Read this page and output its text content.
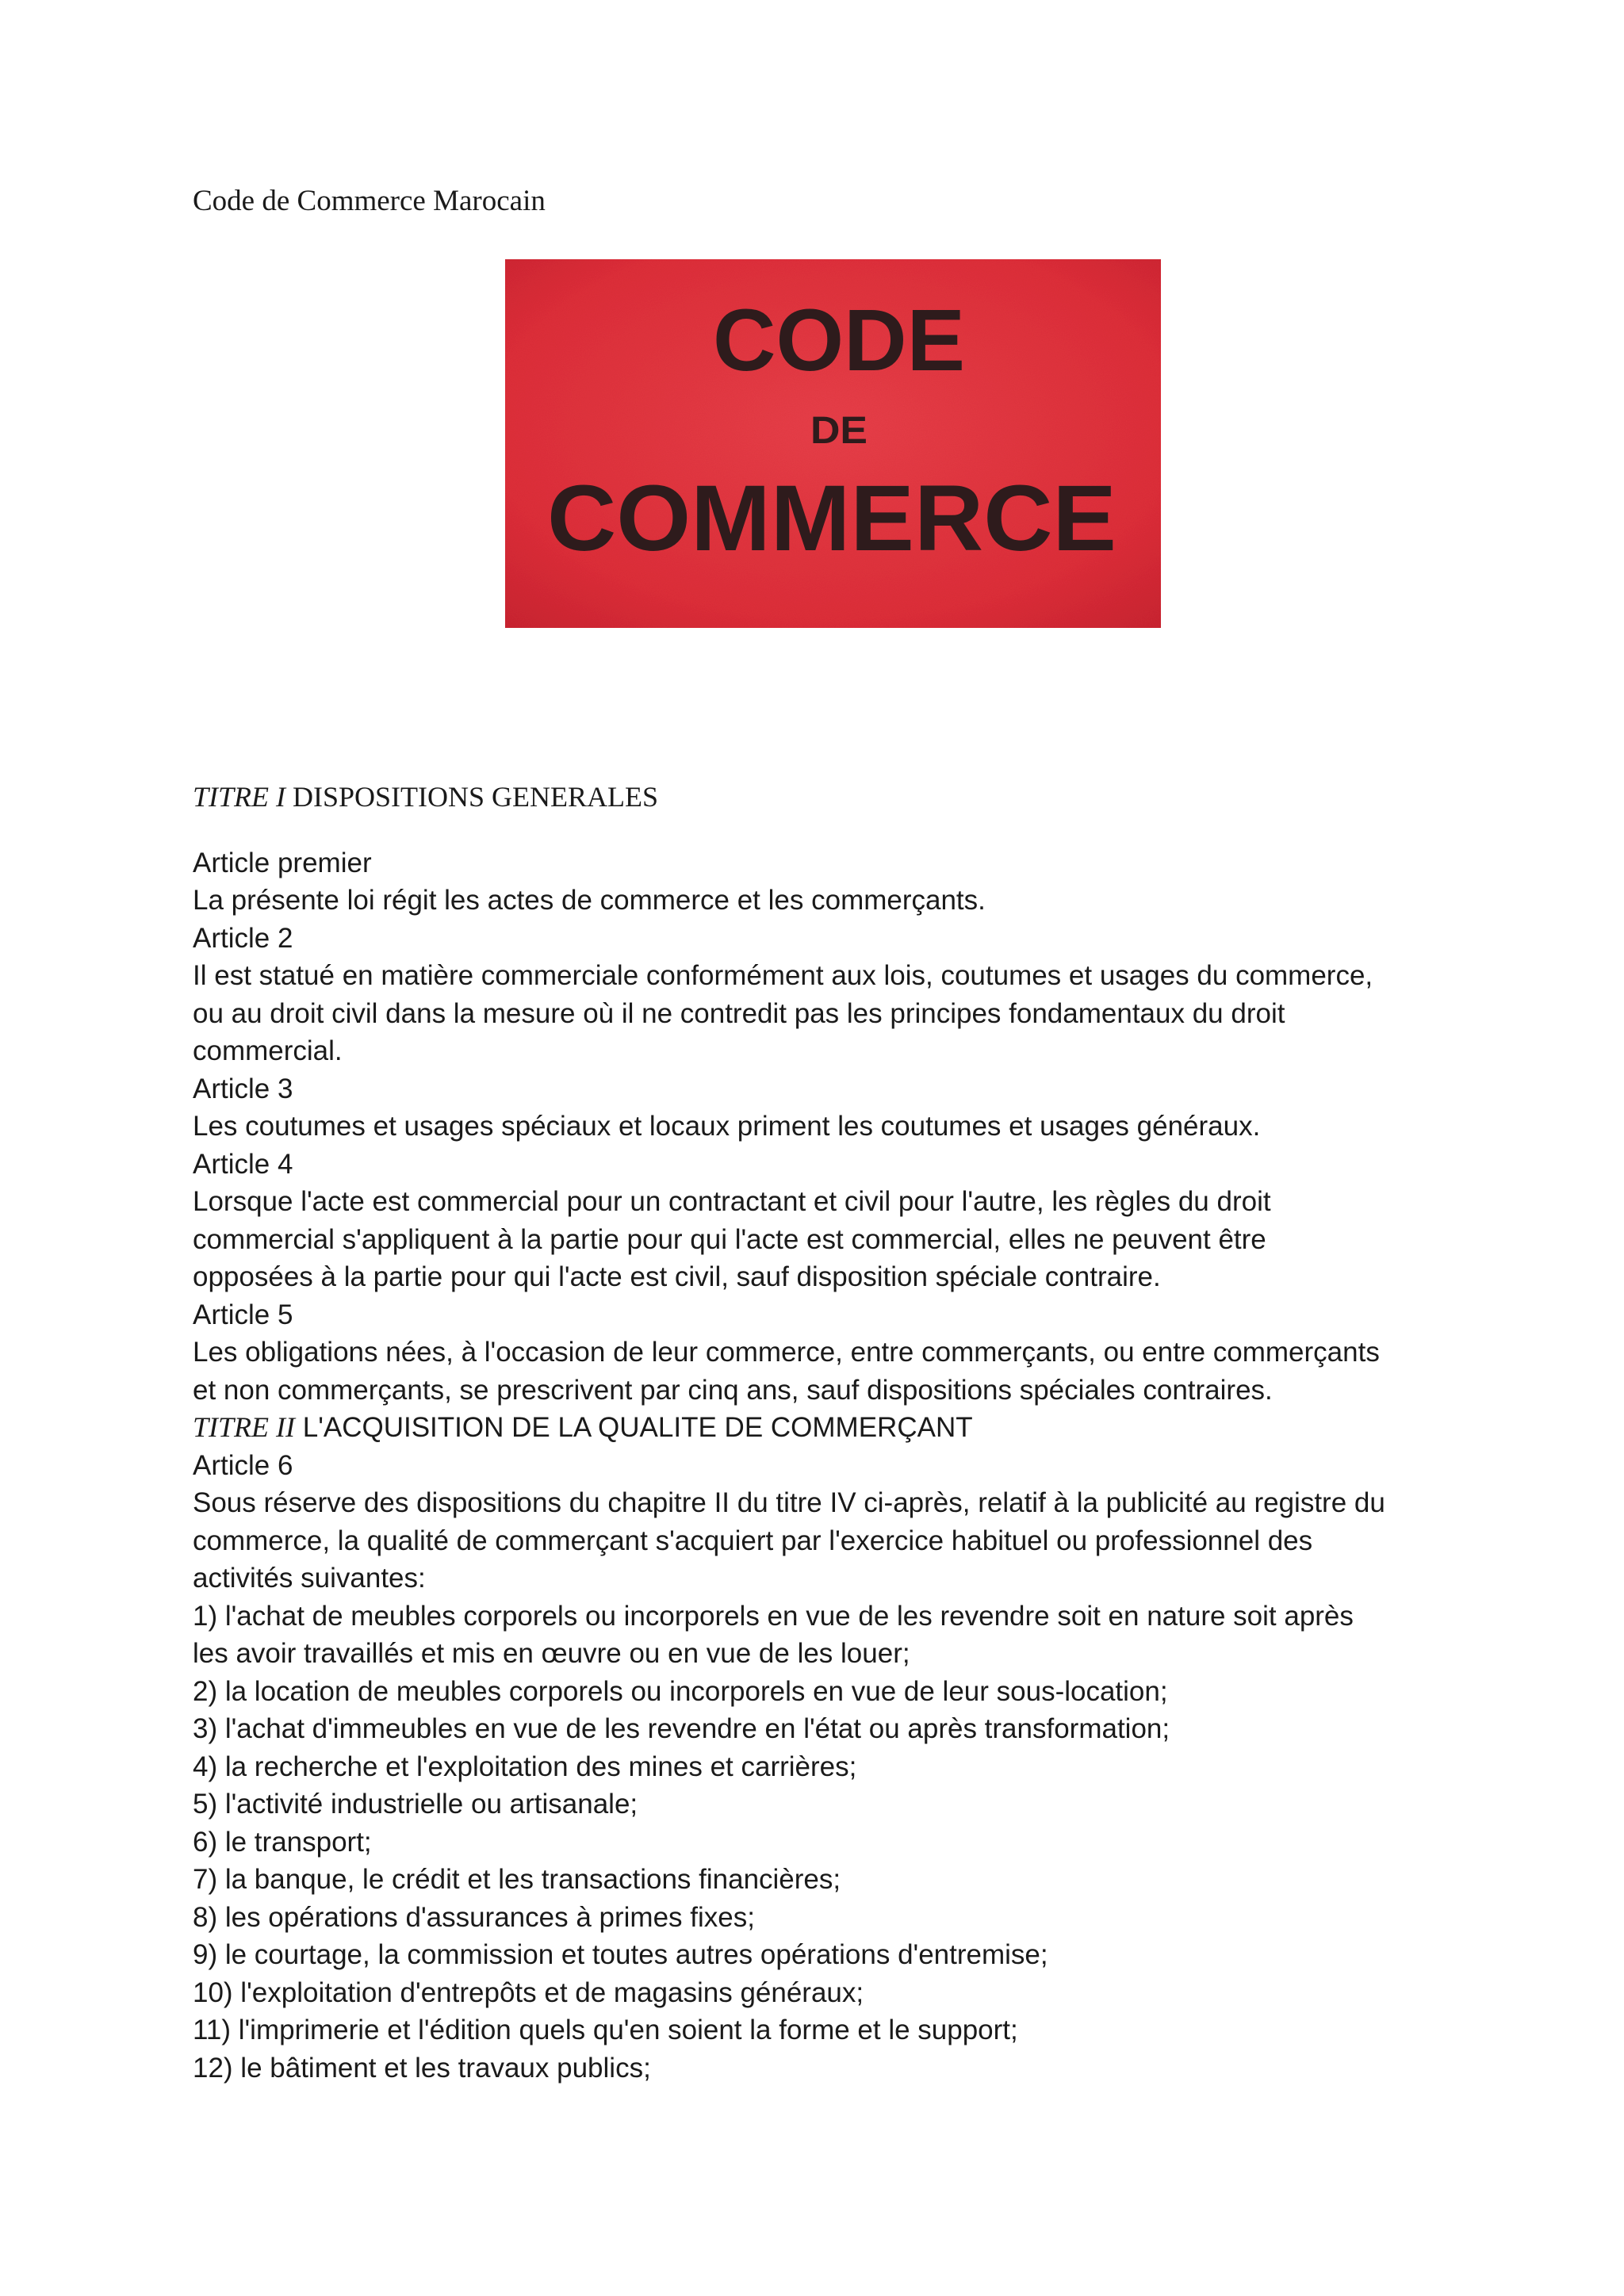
Code de Commerce Marocain
CODE
DE
COMMERCE
TITRE I DISPOSITIONS GENERALES

Article premier

La présente loi régit les actes de commerce et les commerçants.

Article 2

Il est statué en matière commerciale conformément aux lois, coutumes et usages du commerce,

ou au droit civil dans la mesure où il ne contredit pas les principes fondamentaux du droit

commercial.

Article 3

Les coutumes et usages spéciaux et locaux priment les coutumes et usages généraux.

Article 4

Lorsque l'acte est commercial pour un contractant et civil pour l'autre, les règles du droit

commercial s'appliquent à la partie pour qui l'acte est commercial, elles ne peuvent être

opposées à la partie pour qui l'acte est civil, sauf disposition spéciale contraire.

Article 5

Les obligations nées, à l'occasion de leur commerce, entre commerçants, ou entre commerçants

et non commerçants, se prescrivent par cinq ans, sauf dispositions spéciales contraires.

TITRE II L'ACQUISITION DE LA QUALITE DE COMMERÇANT

Article 6

Sous réserve des dispositions du chapitre II du titre IV ci-après, relatif à la publicité au registre du

commerce, la qualité de commerçant s'acquiert par l'exercice habituel ou professionnel des

activités suivantes:

1) l'achat de meubles corporels ou incorporels en vue de les revendre soit en nature soit après

les avoir travaillés et mis en œuvre ou en vue de les louer;

2) la location de meubles corporels ou incorporels en vue de leur sous-location;

3) l'achat d'immeubles en vue de les revendre en l'état ou après transformation;

4) la recherche et l'exploitation des mines et carrières;

5) l'activité industrielle ou artisanale;

6) le transport;

7) la banque, le crédit et les transactions financières;

8) les opérations d'assurances à primes fixes;

9) le courtage, la commission et toutes autres opérations d'entremise;

10) l'exploitation d'entrepôts et de magasins généraux;

11) l'imprimerie et l'édition quels qu'en soient la forme et le support;

12) le bâtiment et les travaux publics;
